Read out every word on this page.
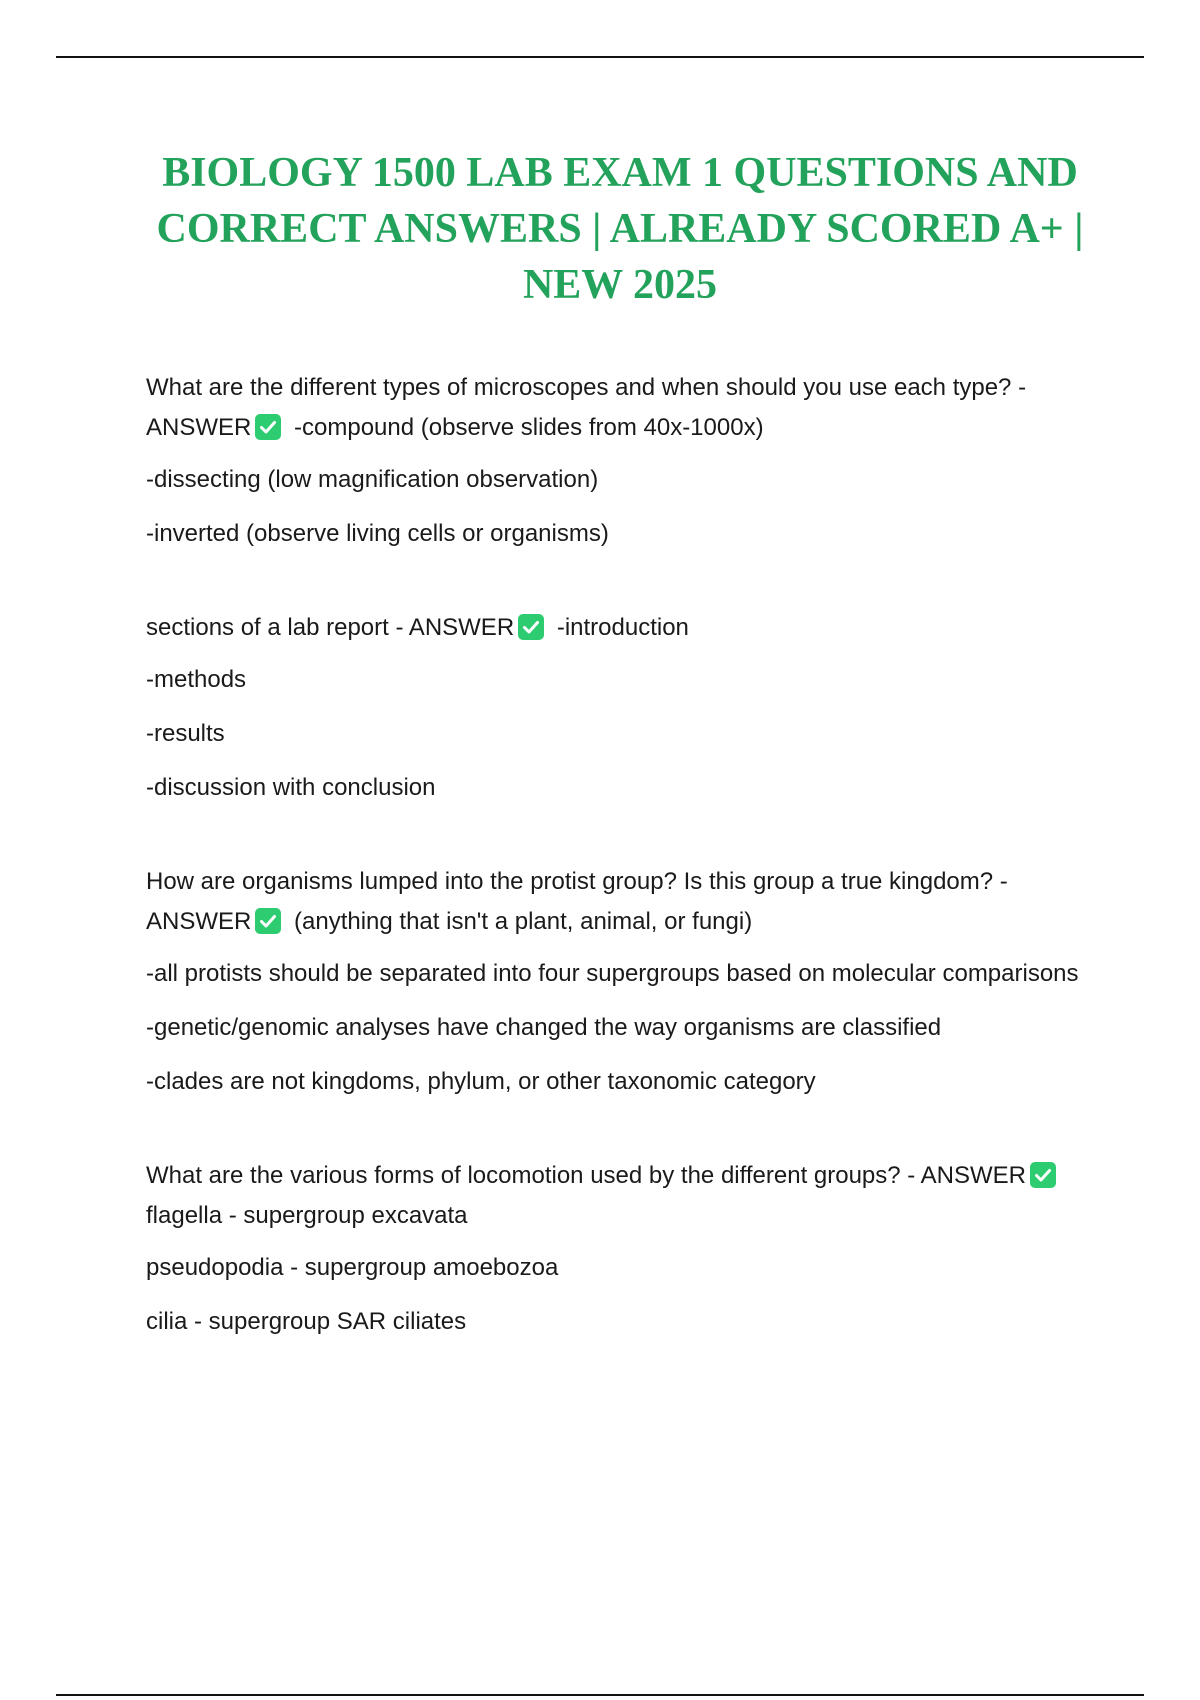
BIOLOGY 1500 LAB EXAM 1 QUESTIONS AND CORRECT ANSWERS | ALREADY SCORED A+ | NEW 2025

What are the different types of microscopes and when should you use each type? - ANSWER -compound (observe slides from 40x-1000x)

-dissecting (low magnification observation)

-inverted (observe living cells or organisms)

sections of a lab report - ANSWER -introduction

-methods

-results

-discussion with conclusion

How are organisms lumped into the protist group? Is this group a true kingdom? - ANSWER (anything that isn't a plant, animal, or fungi)

-all protists should be separated into four supergroups based on molecular comparisons

-genetic/genomic analyses have changed the way organisms are classified

-clades are not kingdoms, phylum, or other taxonomic category

What are the various forms of locomotion used by the different groups? - ANSWER
flagella - supergroup excavata

pseudopodia - supergroup amoebozoa

cilia - supergroup SAR ciliates
